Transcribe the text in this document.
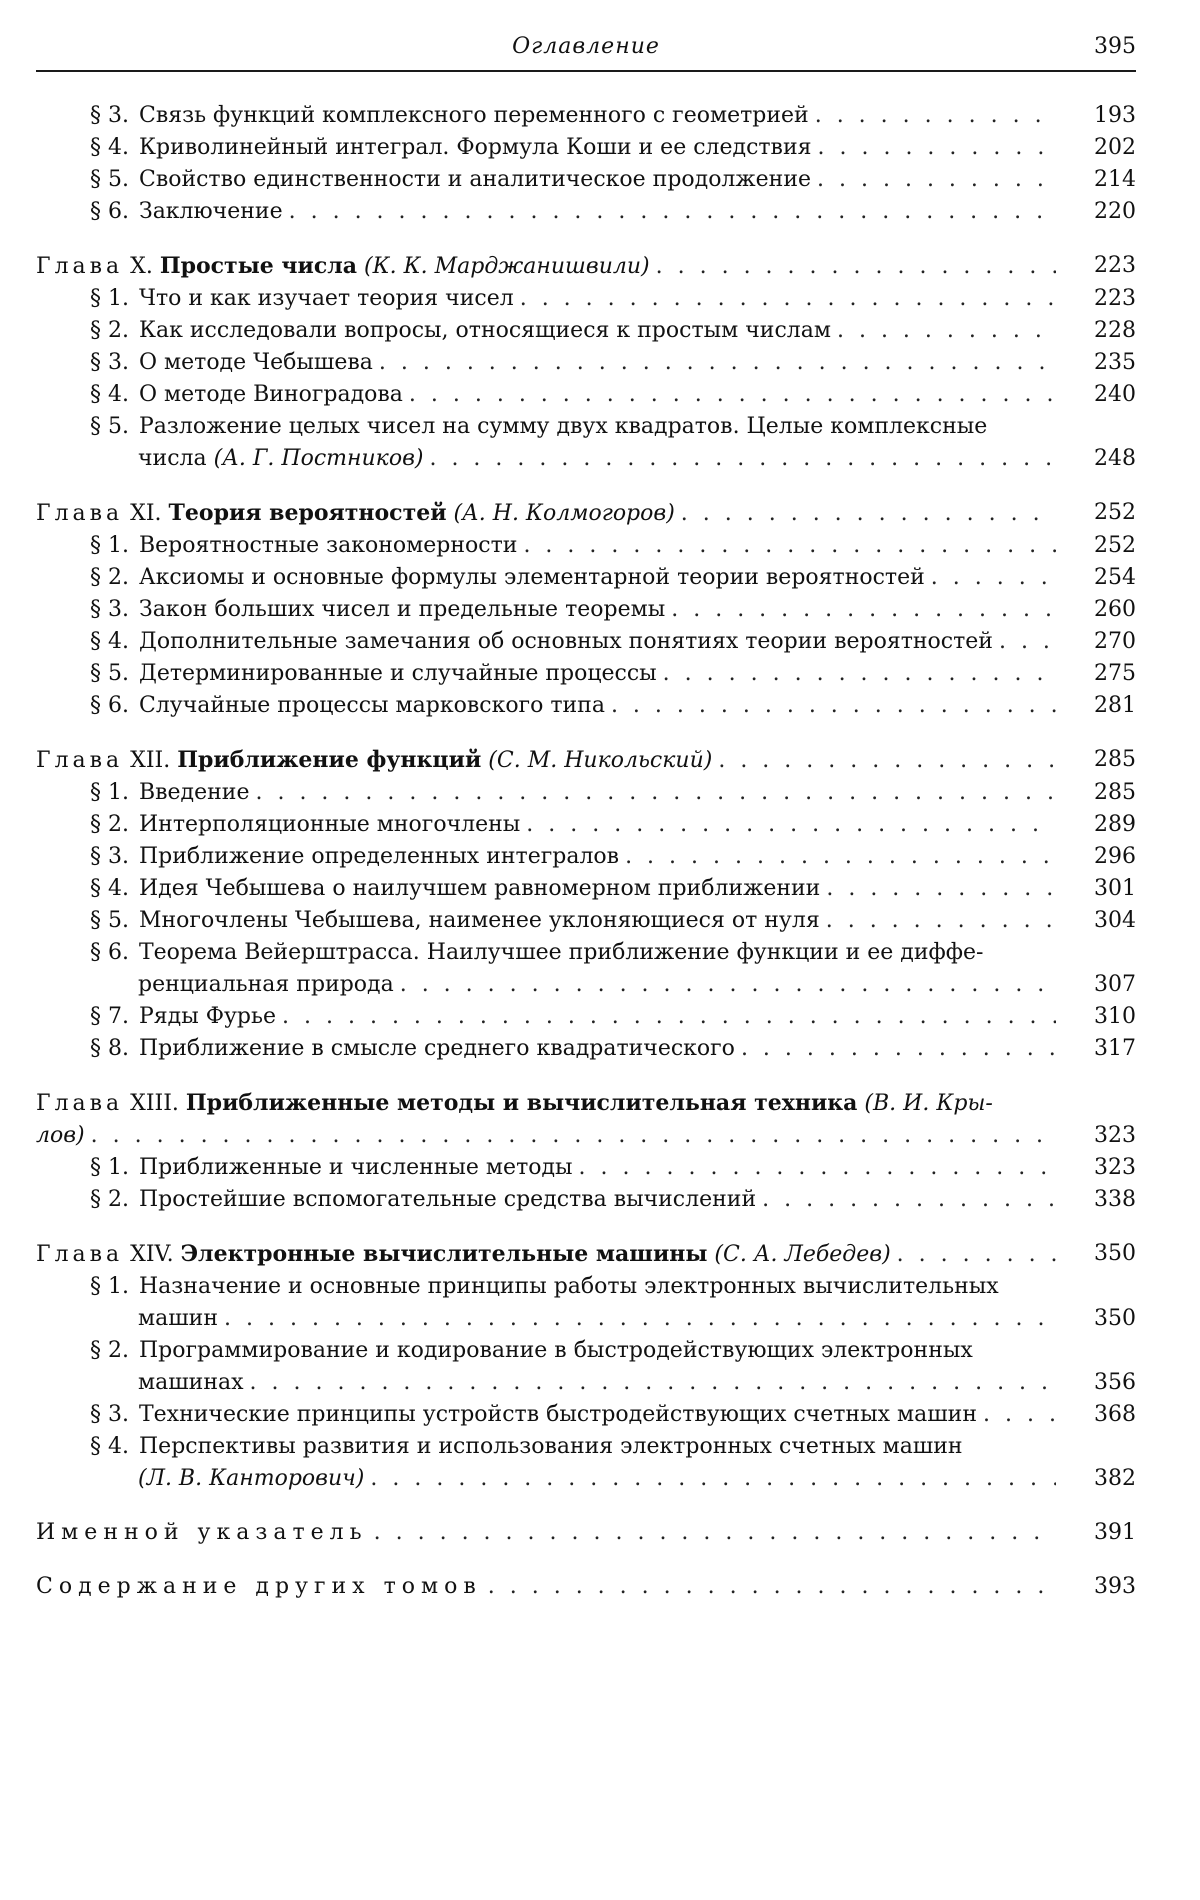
Оглавление	395
§ 3. Связь функций комплексного переменного с геометрией . . .	193
§ 4. Криволинейный интеграл. Формула Коши и ее следствия . . .	202
§ 5. Свойство единственности и аналитическое продолжение . . .	214
§ 6. Заключение . . .	220
Глава X. Простые числа (К. К. Марджанишвили) . . .	223
§ 1. Что и как изучает теория чисел . . .	223
§ 2. Как исследовали вопросы, относящиеся к простым числам . . .	228
§ 3. О методе Чебышева . . .	235
§ 4. О методе Виноградова . . .	240
§ 5. Разложение целых чисел на сумму двух квадратов. Целые комплексные
числа (А. Г. Постников) . . .	248
Глава XI. Теория вероятностей (А. Н. Колмогоров) . . .	252
§ 1. Вероятностные закономерности . . .	252
§ 2. Аксиомы и основные формулы элементарной теории вероятностей . . .	254
§ 3. Закон больших чисел и предельные теоремы . . .	260
§ 4. Дополнительные замечания об основных понятиях теории вероятностей . . .	270
§ 5. Детерминированные и случайные процессы . . .	275
§ 6. Случайные процессы марковского типа . . .	281
Глава XII. Приближение функций (С. М. Никольский) . . .	285
§ 1. Введение . . .	285
§ 2. Интерполяционные многочлены . . .	289
§ 3. Приближение определенных интегралов . . .	296
§ 4. Идея Чебышева о наилучшем равномерном приближении . . .	301
§ 5. Многочлены Чебышева, наименее уклоняющиеся от нуля . . .	304
§ 6. Теорема Вейерштрасса. Наилучшее приближение функции и ее диффе-
ренциальная природа . . .	307
§ 7. Ряды Фурье . . .	310
§ 8. Приближение в смысле среднего квадратического . . .	317
Глава XIII. Приближенные методы и вычислительная техника (В. И. Кры-
лов) . . .	323
§ 1. Приближенные и численные методы . . .	323
§ 2. Простейшие вспомогательные средства вычислений . . .	338
Глава XIV. Электронные вычислительные машины (С. А. Лебедев) . . .	350
§ 1. Назначение и основные принципы работы электронных вычислительных
машин . . .	350
§ 2. Программирование и кодирование в быстродействующих электронных
машинах . . .	356
§ 3. Технические принципы устройств быстродействующих счетных машин . . .	368
§ 4. Перспективы развития и использования электронных счетных машин
(Л. В. Канторович) . . .	382
Именной указатель . . .	391
Содержание других томов . . .	393
